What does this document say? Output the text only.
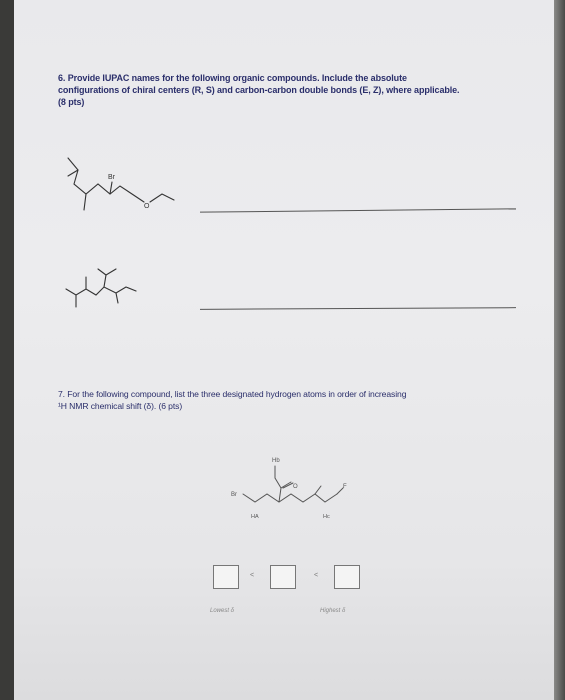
6. Provide IUPAC names for the following organic compounds. Include the absolute
configurations of chiral centers (R, S) and carbon-carbon double bonds (E, Z), where applicable.
(8 pts)
Br
O
7. For the following compound, list the three designated hydrogen atoms in order of increasing
¹H NMR chemical shift (δ). (6 pts)
Hb
O
Br
F
HA	Hc
<	<
Lowest δ	Highest δ
